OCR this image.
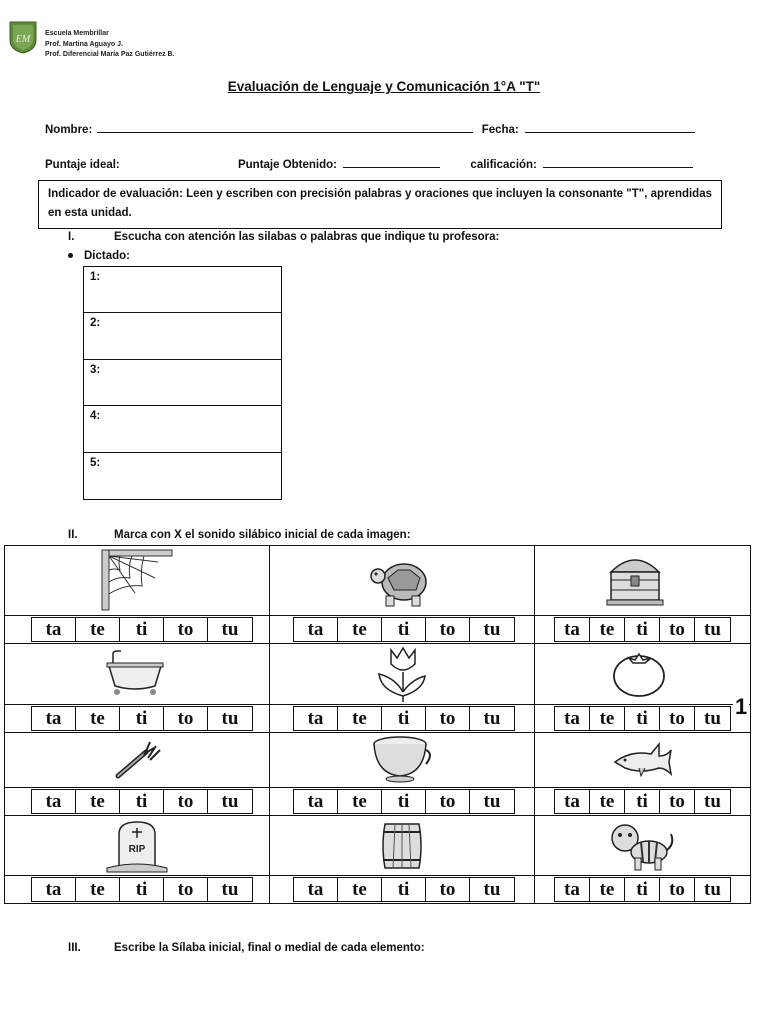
EM
Escuela Membrillar
Prof. Martina Aguayo J.
Prof. Diferencial María Paz Gutiérrez B.
Evaluación de Lenguaje y Comunicación 1°A "T"
Nombre:	Fecha:
Puntaje ideal:	Puntaje Obtenido:	calificación:
Indicador de evaluación: Leen y escriben con precisión palabras y oraciones que incluyen la consonante "T", aprendidas en esta unidad.
I.	Escucha con atención las silabas o palabras que indique tu profesora:
Dictado:
1:
2:
3:
4:
5:
II.	Marca con X el sonido silábico inicial de cada imagen:
RIP
ta	te	ti	to	tu	ta	te	ti	to	tu	ta	te	ti	to	tu
ta	te	ti	to	tu	ta	te	ti	to	tu	ta	te	ti	to	tu
ta	te	ti	to	tu	ta	te	ti	to	tu	ta	te	ti	to	tu
ta	te	ti	to	tu	ta	te	ti	to	tu	ta	te	ti	to	tu
1
III.	Escribe la Sílaba inicial, final o medial de cada elemento:
